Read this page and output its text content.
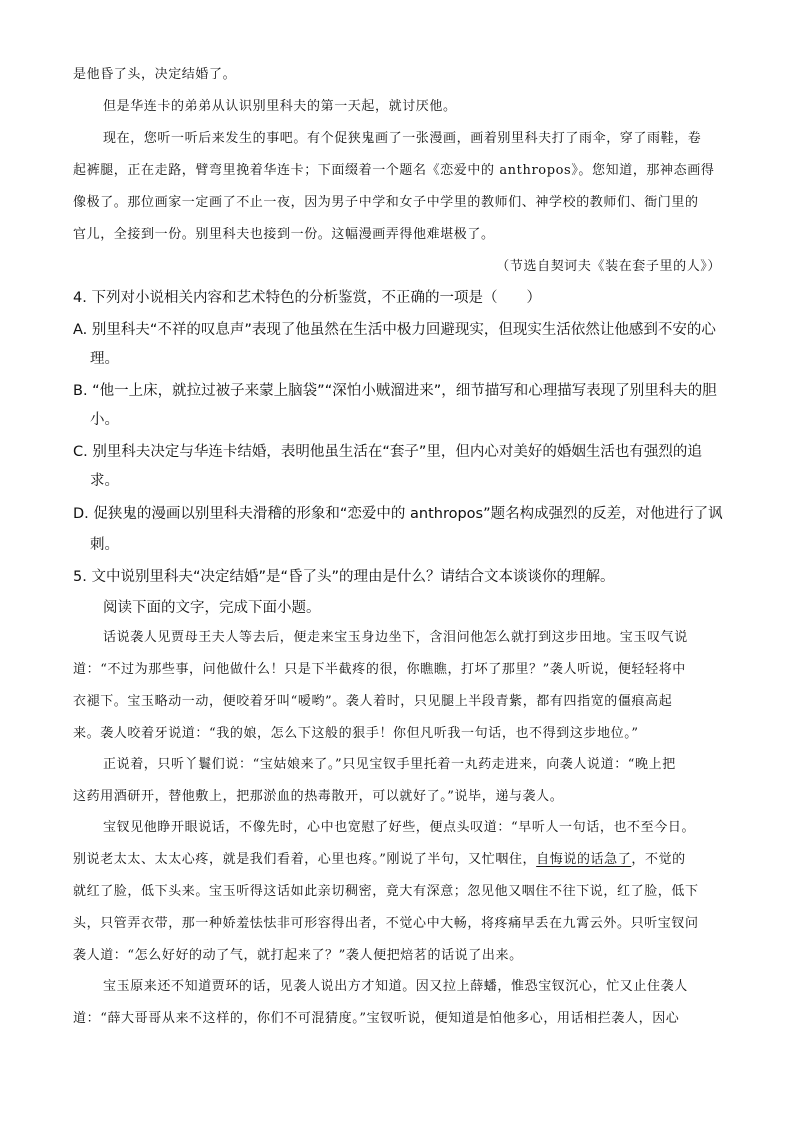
是他昏了头，决定结婚了。

但是华连卡的弟弟从认识别里科夫的第一天起，就讨厌他。

现在，您听一听后来发生的事吧。有个促狭鬼画了一张漫画，画着别里科夫打了雨伞，穿了雨鞋，卷

起裤腿，正在走路，臂弯里挽着华连卡；下面缀着一个题名《恋爱中的 anthropos》。您知道，那神态画得

像极了。那位画家一定画了不止一夜，因为男子中学和女子中学里的教师们、神学校的教师们、衙门里的

官儿，全接到一份。别里科夫也接到一份。这幅漫画弄得他难堪极了。

（节选自契诃夫《装在套子里的人》）

4. 下列对小说相关内容和艺术特色的分析鉴赏，不正确的一项是（　　）

A. 别里科夫“不祥的叹息声”表现了他虽然在生活中极力回避现实，但现实生活依然让他感到不安的心

理。

B. “他一上床，就拉过被子来蒙上脑袋”“深怕小贼溜进来”，细节描写和心理描写表现了别里科夫的胆

小。

C. 别里科夫决定与华连卡结婚，表明他虽生活在“套子”里，但内心对美好的婚姻生活也有强烈的追

求。

D. 促狭鬼的漫画以别里科夫滑稽的形象和“恋爱中的 anthropos”题名构成强烈的反差，对他进行了讽

刺。

5. 文中说别里科夫“决定结婚”是“昏了头”的理由是什么？请结合文本谈谈你的理解。

阅读下面的文字，完成下面小题。

话说袭人见贾母王夫人等去后，便走来宝玉身边坐下，含泪问他怎么就打到这步田地。宝玉叹气说

道：“不过为那些事，问他做什么！只是下半截疼的很，你瞧瞧，打坏了那里？”袭人听说，便轻轻将中

衣褪下。宝玉略动一动，便咬着牙叫“嗳哟”。袭人着时，只见腿上半段青紫，都有四指宽的僵痕高起

来。袭人咬着牙说道：“我的娘，怎么下这般的狠手！你但凡听我一句话，也不得到这步地位。”

正说着，只听丫鬟们说：“宝姑娘来了。”只见宝钗手里托着一丸药走进来，向袭人说道：“晚上把

这药用酒研开，替他敷上，把那淤血的热毒散开，可以就好了。”说毕，递与袭人。

宝钗见他睁开眼说话，不像先时，心中也宽慰了好些，便点头叹道：“早听人一句话，也不至今日。

别说老太太、太太心疼，就是我们看着，心里也疼。”刚说了半句，又忙咽住，自悔说的话急了，不觉的

就红了脸，低下头来。宝玉听得这话如此亲切稠密，竟大有深意；忽见他又咽住不往下说，红了脸，低下

头，只管弄衣带，那一种娇羞怯怯非可形容得出者，不觉心中大畅，将疼痛早丢在九霄云外。只听宝钗问

袭人道：“怎么好好的动了气，就打起来了？”袭人便把焙茗的话说了出来。

宝玉原来还不知道贾环的话，见袭人说出方才知道。因又拉上薛蟠，惟恐宝钗沉心，忙又止住袭人

道：“薛大哥哥从来不这样的，你们不可混猜度。”宝钗听说，便知道是怕他多心，用话相拦袭人，因心
